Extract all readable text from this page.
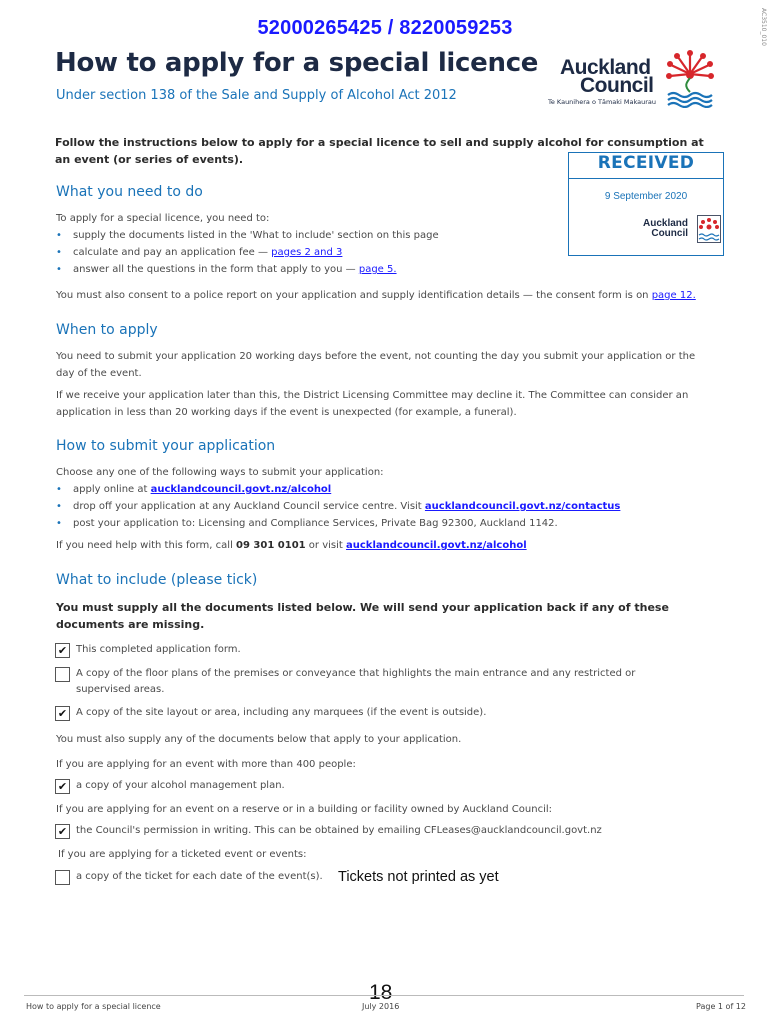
52000265425 / 8220059253	AC3510_010
How to apply for a special licence
Under section 138 of the Sale and Supply of Alcohol Act 2012
Auckland
Council
Te Kaunihera o Tāmaki Makaurau
Follow the instructions below to apply for a special licence to sell and supply alcohol for consumption at an event (or series of events).	RECEIVED
9 September 2020
Auckland
Council
What you need to do
To apply for a special licence, you need to:
• supply the documents listed in the 'What to include' section on this page
• calculate and pay an application fee — pages 2 and 3
• answer all the questions in the form that apply to you — page 5.
You must also consent to a police report on your application and supply identification details — the consent form is on page 12.
When to apply
You need to submit your application 20 working days before the event, not counting the day you submit your application or the day of the event.
If we receive your application later than this, the District Licensing Committee may decline it. The Committee can consider an application in less than 20 working days if the event is unexpected (for example, a funeral).
How to submit your application
Choose any one of the following ways to submit your application:
• apply online at aucklandcouncil.govt.nz/alcohol
• drop off your application at any Auckland Council service centre. Visit aucklandcouncil.govt.nz/contactus
• post your application to: Licensing and Compliance Services, Private Bag 92300, Auckland 1142.
If you need help with this form, call 09 301 0101 or visit aucklandcouncil.govt.nz/alcohol
What to include (please tick)
You must supply all the documents listed below. We will send your application back if any of these documents are missing.
✔ This completed application form.
A copy of the floor plans of the premises or conveyance that highlights the main entrance and any restricted or supervised areas.
✔ A copy of the site layout or area, including any marquees (if the event is outside).
You must also supply any of the documents below that apply to your application.
If you are applying for an event with more than 400 people:
✔ a copy of your alcohol management plan.
If you are applying for an event on a reserve or in a building or facility owned by Auckland Council:
✔ the Council's permission in writing. This can be obtained by emailing CFLeases@aucklandcouncil.govt.nz
If you are applying for a ticketed event or events:
a copy of the ticket for each date of the event(s).	Tickets not printed as yet
18
How to apply for a special licence	July 2016	Page 1 of 12
